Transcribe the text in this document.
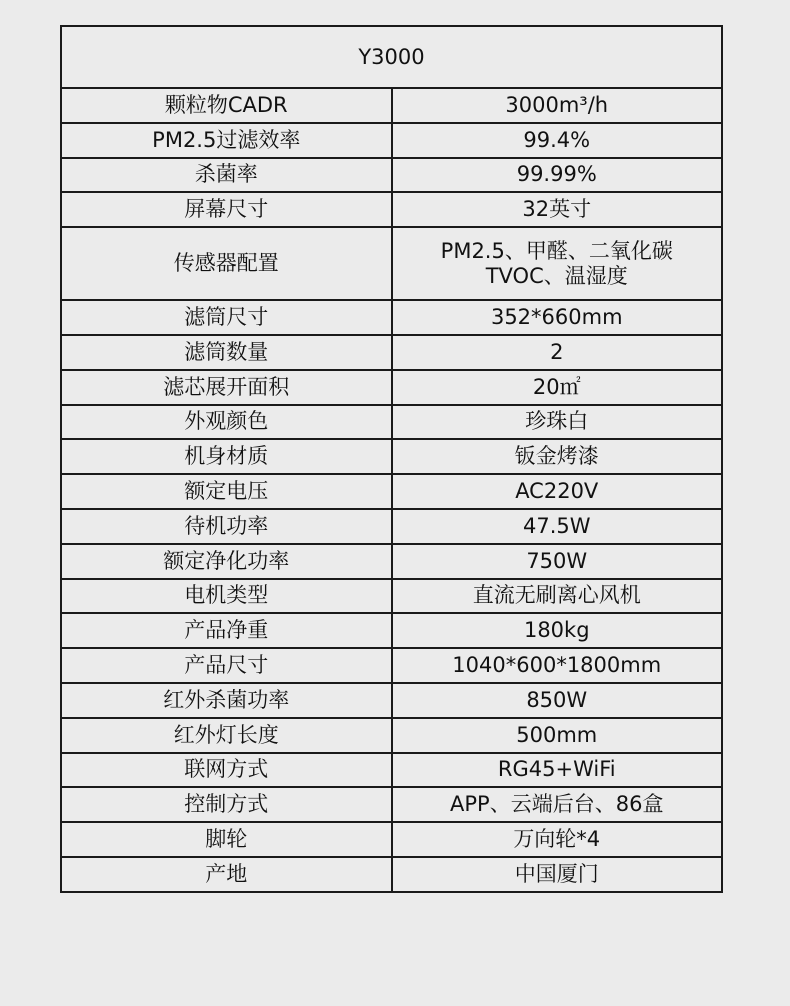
Y3000	
颗粒物CADR	3000m³/h
PM2.5过滤效率	99.4%
杀菌率	99.99%
屏幕尺寸	32英寸
传感器配置	PM2.5、甲醛、二氧化碳
TVOC、温湿度

滤筒尺寸	352*660mm
滤筒数量	2
滤芯展开面积	20㎡
外观颜色	珍珠白
机身材质	钣金烤漆
额定电压	AC220V
待机功率	47.5W
额定净化功率	750W
电机类型	直流无刷离心风机
产品净重	180kg
产品尺寸	1040*600*1800mm
红外杀菌功率	850W
红外灯长度	500mm
联网方式	RG45+WiFi
控制方式	APP、云端后台、86盒
脚轮	万向轮*4
产地	中国厦门
